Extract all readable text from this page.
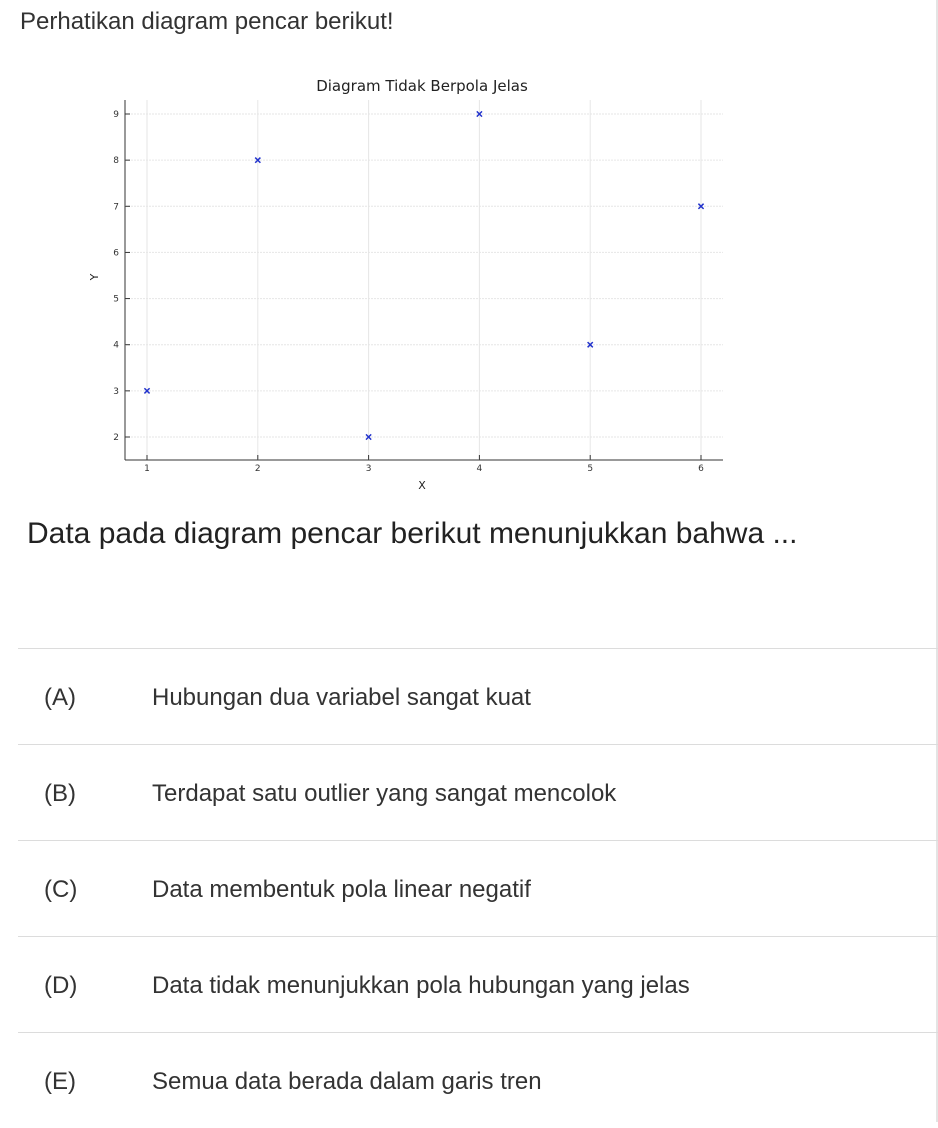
Perhatikan diagram pencar berikut!
Diagram Tidak Berpola Jelas
X
Y
1	2	3	4	5	6
2
3
4
5
6
7
8
9
Data pada diagram pencar berikut menunjukkan bahwa ...
(A)	Hubungan dua variabel sangat kuat
(B)	Terdapat satu outlier yang sangat mencolok
(C)	Data membentuk pola linear negatif
(D)	Data tidak menunjukkan pola hubungan yang jelas
(E)	Semua data berada dalam garis tren
